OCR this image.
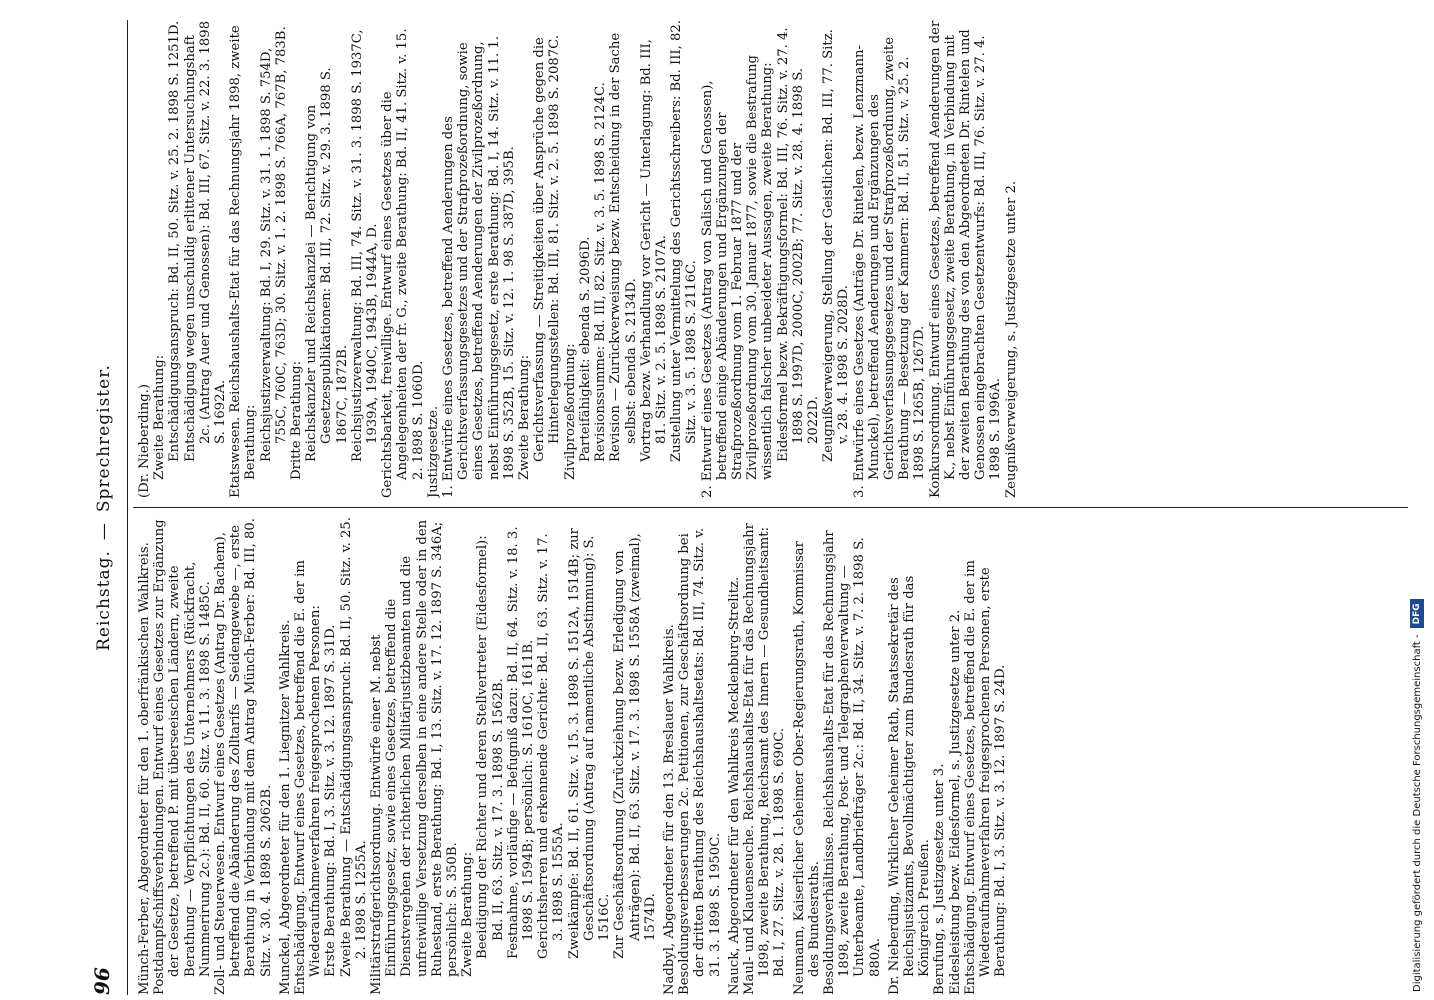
96
Reichstag.—Sprechregister.

Münch-Ferber, Abgeordneter für den 1. oberfränkischen Wahlkreis. Postdampfschiffsverbindungen. Entwurf eines Gesetzes zur Ergänzung der Gesetze, betreffend P. mit überseeischen Ländern, zweite Berathung — Verpflichtungen des Unternehmers (Rückfracht, Nummerirung 2c.): Bd. II, 60. Sitz. v. 11. 3. 1898 S. 1485C. Zoll- und Steuerwesen. Entwurf eines Gesetzes (Antrag Dr. Bachem), betreffend die Abänderung des Zolltarifs — Seidengewebe —, erste Berathung in Verbindung mit dem Antrag Münch-Ferber: Bd. III, 80. Sitz. v. 30. 4. 1898 S. 2062B. Munckel, Abgeordneter für den 1. Liegnitzer Wahlkreis. Entschädigung. Entwurf eines Gesetzes, betreffend die E. der im Wiederaufnahmeverfahren freigesprochenen Personen: Erste Berathung: Bd. I, 3. Sitz. v. 3. 12. 1897 S. 31D. Zweite Berathung — Entschädigungsanspruch: Bd. II, 50. Sitz. v. 25. 2. 1898 S. 1255A. Militärstrafgerichtsordnung. Entwürfe einer M. nebst Einführungsgesetz, sowie eines Gesetzes, betreffend die Dienstvergehen der richterlichen Militärjustizbeamten und die unfreiwillige Versetzung derselben in eine andere Stelle oder in den Ruhestand, erste Berathung: Bd. I, 13. Sitz. v. 17. 12. 1897 S. 346A; persönlich: S. 350B. Zweite Berathung: Beeidigung der Richter und deren Stellvertreter (Eidesformel): Bd. II, 63. Sitz. v. 17. 3. 1898 S. 1562B. Festnahme, vorläufige — Befugniß dazu: Bd. II, 64. Sitz. v. 18. 3. 1898 S. 1594B; persönlich: S. 1610C, 1611B. Gerichtsherren und erkennende Gerichte: Bd. II, 63. Sitz. v. 17. 3. 1898 S. 1555A. Zweikämpfe: Bd. II, 61. Sitz. v. 15. 3. 1898 S. 1512A, 1514B; zur Geschäftsordnung (Antrag auf namentliche Abstimmung): S. 1516C. Zur Geschäftsordnung (Zurückziehung bezw. Erledigung von Anträgen): Bd. II, 63. Sitz. v. 17. 3. 1898 S. 1558A (zweimal), 1574D. Nadbyl, Abgeordneter für den 13. Breslauer Wahlkreis. Besoldungsverbesserungen 2c. Petitionen, zur Geschäftsordnung bei der dritten Berathung des Reichshaushaltsetats: Bd. III, 74. Sitz. v. 31. 3. 1898 S. 1950C. Nauck, Abgeordneter für den Wahlkreis Mecklenburg-Strelitz. Maul- und Klauenseuche. Reichshaushalts-Etat für das Rechnungsjahr 1898, zweite Berathung, Reichsamt des Innern — Gesundheitsamt: Bd. I, 27. Sitz. v. 28. 1. 1898 S. 690C. Neumann, Kaiserlicher Geheimer Ober-Regierungsrath, Kommissar des Bundesraths. Besoldungsverhältnisse. Reichshaushalts-Etat für das Rechnungsjahr 1898, zweite Berathung, Post- und Telegraphenverwaltung — Unterbeamte, Landbriefträger 2c.: Bd. II, 34. Sitz. v. 7. 2. 1898 S. 880A. Dr. Nieberding, Wirklicher Geheimer Rath, Staatssekretär des Reichsjustizamts, Bevollmächtigter zum Bundesrath für das Königreich Preußen. Berufung, s. Justizgesetze unter 3. Eidesleistung bezw. Eidesformel, s. Justizgesetze unter 2. Entschädigung. Entwurf eines Gesetzes, betreffend die E. der im Wiederaufnahmeverfahren freigesprochenen Personen, erste Berathung: Bd. I, 3. Sitz. v. 3. 12. 1897 S. 24D.

(Dr. Nieberding.) Zweite Berathung: Entschädigungsanspruch: Bd. II, 50. Sitz. v. 25. 2. 1898 S. 1251D. Entschädigung wegen unschuldig erlittener Untersuchungshaft 2c. (Antrag Auer und Genossen): Bd. III, 67. Sitz. v. 22. 3. 1898 S. 1692A. Etatswesen. Reichshaushalts-Etat für das Rechnungsjahr 1898, zweite Berathung: Reichsjustizverwaltung: Bd. I, 29. Sitz. v. 31. 1. 1898 S. 754D, 755C, 760C, 763D; 30. Sitz. v. 1. 2. 1898 S. 766A, 767B, 783B. Dritte Berathung: Reichskanzler und Reichskanzlei — Berichtigung von Gesetzespublikationen: Bd. III, 72. Sitz. v. 29. 3. 1898 S. 1867C, 1872B. Reichsjustizverwaltung: Bd. III, 74. Sitz. v. 31. 3. 1898 S. 1937C, 1939A, 1940C, 1943B, 1944A, D. Gerichtsbarkeit, freiwillige. Entwurf eines Gesetzes über die Angelegenheiten der fr. G., zweite Berathung: Bd. II, 41. Sitz. v. 15. 2. 1898 S. 1060D. Justizgesetze. 1. Entwürfe eines Gesetzes, betreffend Aenderungen des Gerichtsverfassungsgesetzes und der Strafprozeßordnung, sowie eines Gesetzes, betreffend Aenderungen der Zivilprozeßordnung, nebst Einführungsgesetz, erste Berathung: Bd. I, 14. Sitz. v. 11. 1. 1898 S. 352B, 15. Sitz. v. 12. 1. 98 S. 387D, 395B. Zweite Berathung: Gerichtsverfassung — Streitigkeiten über Ansprüche gegen die Hinterlegungsstellen: Bd. III, 81. Sitz. v. 2. 5. 1898 S. 2087C. Zivilprozeßordnung: Parteifähigkeit: ebenda S. 2096D. Revisionssumme: Bd. III, 82. Sitz. v. 3. 5. 1898 S. 2124C. Revision — Zurückverweisung bezw. Entscheidung in der Sache selbst: ebenda S. 2134D. Vortrag bezw. Verhandlung vor Gericht — Unterlagung: Bd. III, 81. Sitz. v. 2. 5. 1898 S. 2107A. Zustellung unter Vermittelung des Gerichtsschreibers: Bd. III, 82. Sitz. v. 3. 5. 1898 S. 2116C. 2. Entwurf eines Gesetzes (Antrag von Salisch und Genossen), betreffend einige Abänderungen und Ergänzungen der Strafprozeßordnung vom 1. Februar 1877 und der Zivilprozeßordnung vom 30. Januar 1877, sowie die Bestrafung wissentlich falscher unbeeideter Aussagen, zweite Berathung: Eidesformel bezw. Bekräftigungsformel: Bd. III, 76. Sitz. v. 27. 4. 1898 S. 1997D, 2000C, 2002B; 77. Sitz. v. 28. 4. 1898 S. 2022D. Zeugnißverweigerung, Stellung der Geistlichen: Bd. III, 77. Sitz. v. 28. 4. 1898 S. 2028D. 3. Entwürfe eines Gesetzes (Anträge Dr. Rintelen, bezw. Lenzmann-Munckel), betreffend Aenderungen und Ergänzungen des Gerichtsverfassungsgesetzes und der Strafprozeßordnung, zweite Berathung — Besetzung der Kammern: Bd. II, 51. Sitz. v. 25. 2. 1898 S. 1265B, 1267D. Konkursordnung. Entwurf eines Gesetzes, betreffend Aenderungen der K., nebst Einführungsgesetz, zweite Berathung, in Verbindung mit der zweiten Berathung des von den Abgeordneten Dr. Rintelen und Genossen eingebrachten Gesetzentwurfs: Bd. III, 76. Sitz. v. 27. 4. 1898 S. 1996A. Zeugnißverweigerung, s. Justizgesetze unter 2.

Digitalisierung gefördert durch die Deutsche Forschungsgemeinschaft -DFG
